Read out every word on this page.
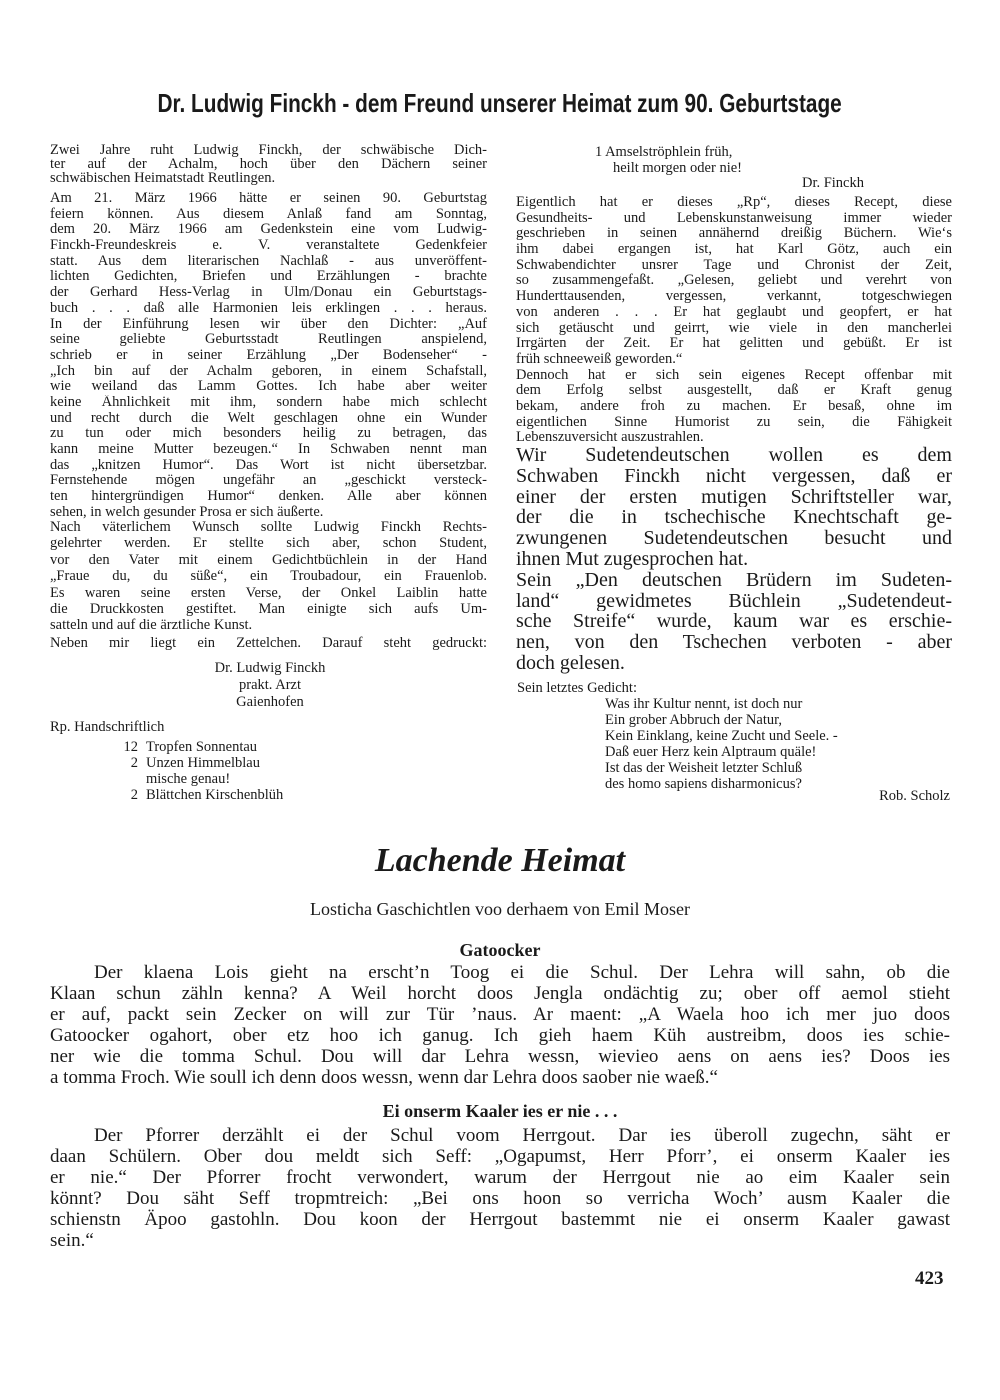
Dr. Ludwig Finckh - dem Freund unserer Heimat zum 90. Geburtstage
Zwei Jahre ruht Ludwig Finckh, der schwäbische Dich-
ter auf der Achalm, hoch über den Dächern seiner
schwäbischen Heimatstadt Reutlingen.
Am 21. März 1966 hätte er seinen 90. Geburtstag
feiern können. Aus diesem Anlaß fand am Sonntag,
dem 20. März 1966 am Gedenkstein eine vom Ludwig-
Finckh-Freundeskreis e. V. veranstaltete Gedenkfeier
statt. Aus dem literarischen Nachlaß - aus unveröffent-
lichten Gedichten, Briefen und Erzählungen - brachte
der Gerhard Hess-Verlag in Ulm/Donau ein Geburtstags-
buch . . . daß alle Harmonien leis erklingen . . . heraus.
In der Einführung lesen wir über den Dichter: „Auf
seine geliebte Geburtsstadt Reutlingen anspielend,
schrieb er in seiner Erzählung „Der Bodenseher“ -
„Ich bin auf der Achalm geboren, in einem Schafstall,
wie weiland das Lamm Gottes. Ich habe aber weiter
keine Ähnlichkeit mit ihm, sondern habe mich schlecht
und recht durch die Welt geschlagen ohne ein Wunder
zu tun oder mich besonders heilig zu betragen, das
kann meine Mutter bezeugen.“ In Schwaben nennt man
das „knitzen Humor“. Das Wort ist nicht übersetzbar.
Fernstehende mögen ungefähr an „geschickt versteck-
ten hintergründigen Humor“ denken. Alle aber können
sehen, in welch gesunder Prosa er sich äußerte.
Nach väterlichem Wunsch sollte Ludwig Finckh Rechts-
gelehrter werden. Er stellte sich aber, schon Student,
vor den Vater mit einem Gedichtbüchlein in der Hand
„Fraue du, du süße“, ein Troubadour, ein Frauenlob.
Es waren seine ersten Verse, der Onkel Laiblin hatte
die Druckkosten gestiftet. Man einigte sich aufs Um-
satteln und auf die ärztliche Kunst.
Neben mir liegt ein Zettelchen. Darauf steht gedruckt:
Dr. Ludwig Finckh
prakt. Arzt
Gaienhofen
Rp. Handschriftlich
12 Tropfen Sonnentau
2 Unzen Himmelblau
mische genau!
2 Blättchen Kirschenblüh
1 Amselströphlein früh,
heilt morgen oder nie!
Dr. Finckh
Eigentlich hat er dieses „Rp“, dieses Recept, diese
Gesundheits- und Lebenskunstanweisung immer wieder
geschrieben in seinen annähernd dreißig Büchern. Wie‘s
ihm dabei ergangen ist, hat Karl Götz, auch ein
Schwabendichter unsrer Tage und Chronist der Zeit,
so zusammengefaßt. „Gelesen, geliebt und verehrt von
Hunderttausenden, vergessen, verkannt, totgeschwiegen
von anderen . . . Er hat geglaubt und geopfert, er hat
sich getäuscht und geirrt, wie viele in den mancherlei
Irrgärten der Zeit. Er hat gelitten und gebüßt. Er ist
früh schneeweiß geworden.“
Dennoch hat er sich sein eigenes Recept offenbar mit
dem Erfolg selbst ausgestellt, daß er Kraft genug
bekam, andere froh zu machen. Er besaß, ohne im
eigentlichen Sinne Humorist zu sein, die Fähigkeit
Lebenszuversicht auszustrahlen.
Wir Sudetendeutschen wollen es dem
Schwaben Finckh nicht vergessen, daß er
einer der ersten mutigen Schriftsteller war,
der die in tschechische Knechtschaft ge-
zwungenen Sudetendeutschen besucht und
ihnen Mut zugesprochen hat.
Sein „Den deutschen Brüdern im Sudeten-
land“ gewidmetes Büchlein „Sudetendeut-
sche Streife“ wurde, kaum war es erschie-
nen, von den Tschechen verboten - aber
doch gelesen.
Sein letztes Gedicht:
Was ihr Kultur nennt, ist doch nur
Ein grober Abbruch der Natur,
Kein Einklang, keine Zucht und Seele. -
Daß euer Herz kein Alptraum quäle!
Ist das der Weisheit letzter Schluß
des homo sapiens disharmonicus?
Rob. Scholz
Lachende Heimat
Losticha Gaschichtlen voo derhaem von Emil Moser
Gatoocker
Der klaena Lois gieht na erscht’n Toog ei die Schul. Der Lehra will sahn, ob die
Klaan schun zähln kenna? A Weil horcht doos Jengla ondächtig zu; ober off aemol stieht
er auf, packt sein Zecker on will zur Tür ’naus. Ar maent: „A Waela hoo ich mer juo doos
Gatoocker ogahort, ober etz hoo ich ganug. Ich gieh haem Küh austreibm, doos ies schie-
ner wie die tomma Schul. Dou will dar Lehra wessn, wievieo aens on aens ies? Doos ies
a tomma Froch. Wie soull ich denn doos wessn, wenn dar Lehra doos saober nie waeß.“
Ei onserm Kaaler ies er nie . . .
Der Pforrer derzählt ei der Schul voom Herrgout. Dar ies überoll zugechn, säht er
daan Schülern. Ober dou meldt sich Seff: „Ogapumst, Herr Pforr’, ei onserm Kaaler ies
er nie.“ Der Pforrer frocht verwondert, warum der Herrgout nie ao eim Kaaler sein
könnt? Dou säht Seff tropmtreich: „Bei ons hoon so verricha Woch’ ausm Kaaler die
schienstn Äpoo gastohln. Dou koon der Herrgout bastemmt nie ei onserm Kaaler gawast
sein.“
423
